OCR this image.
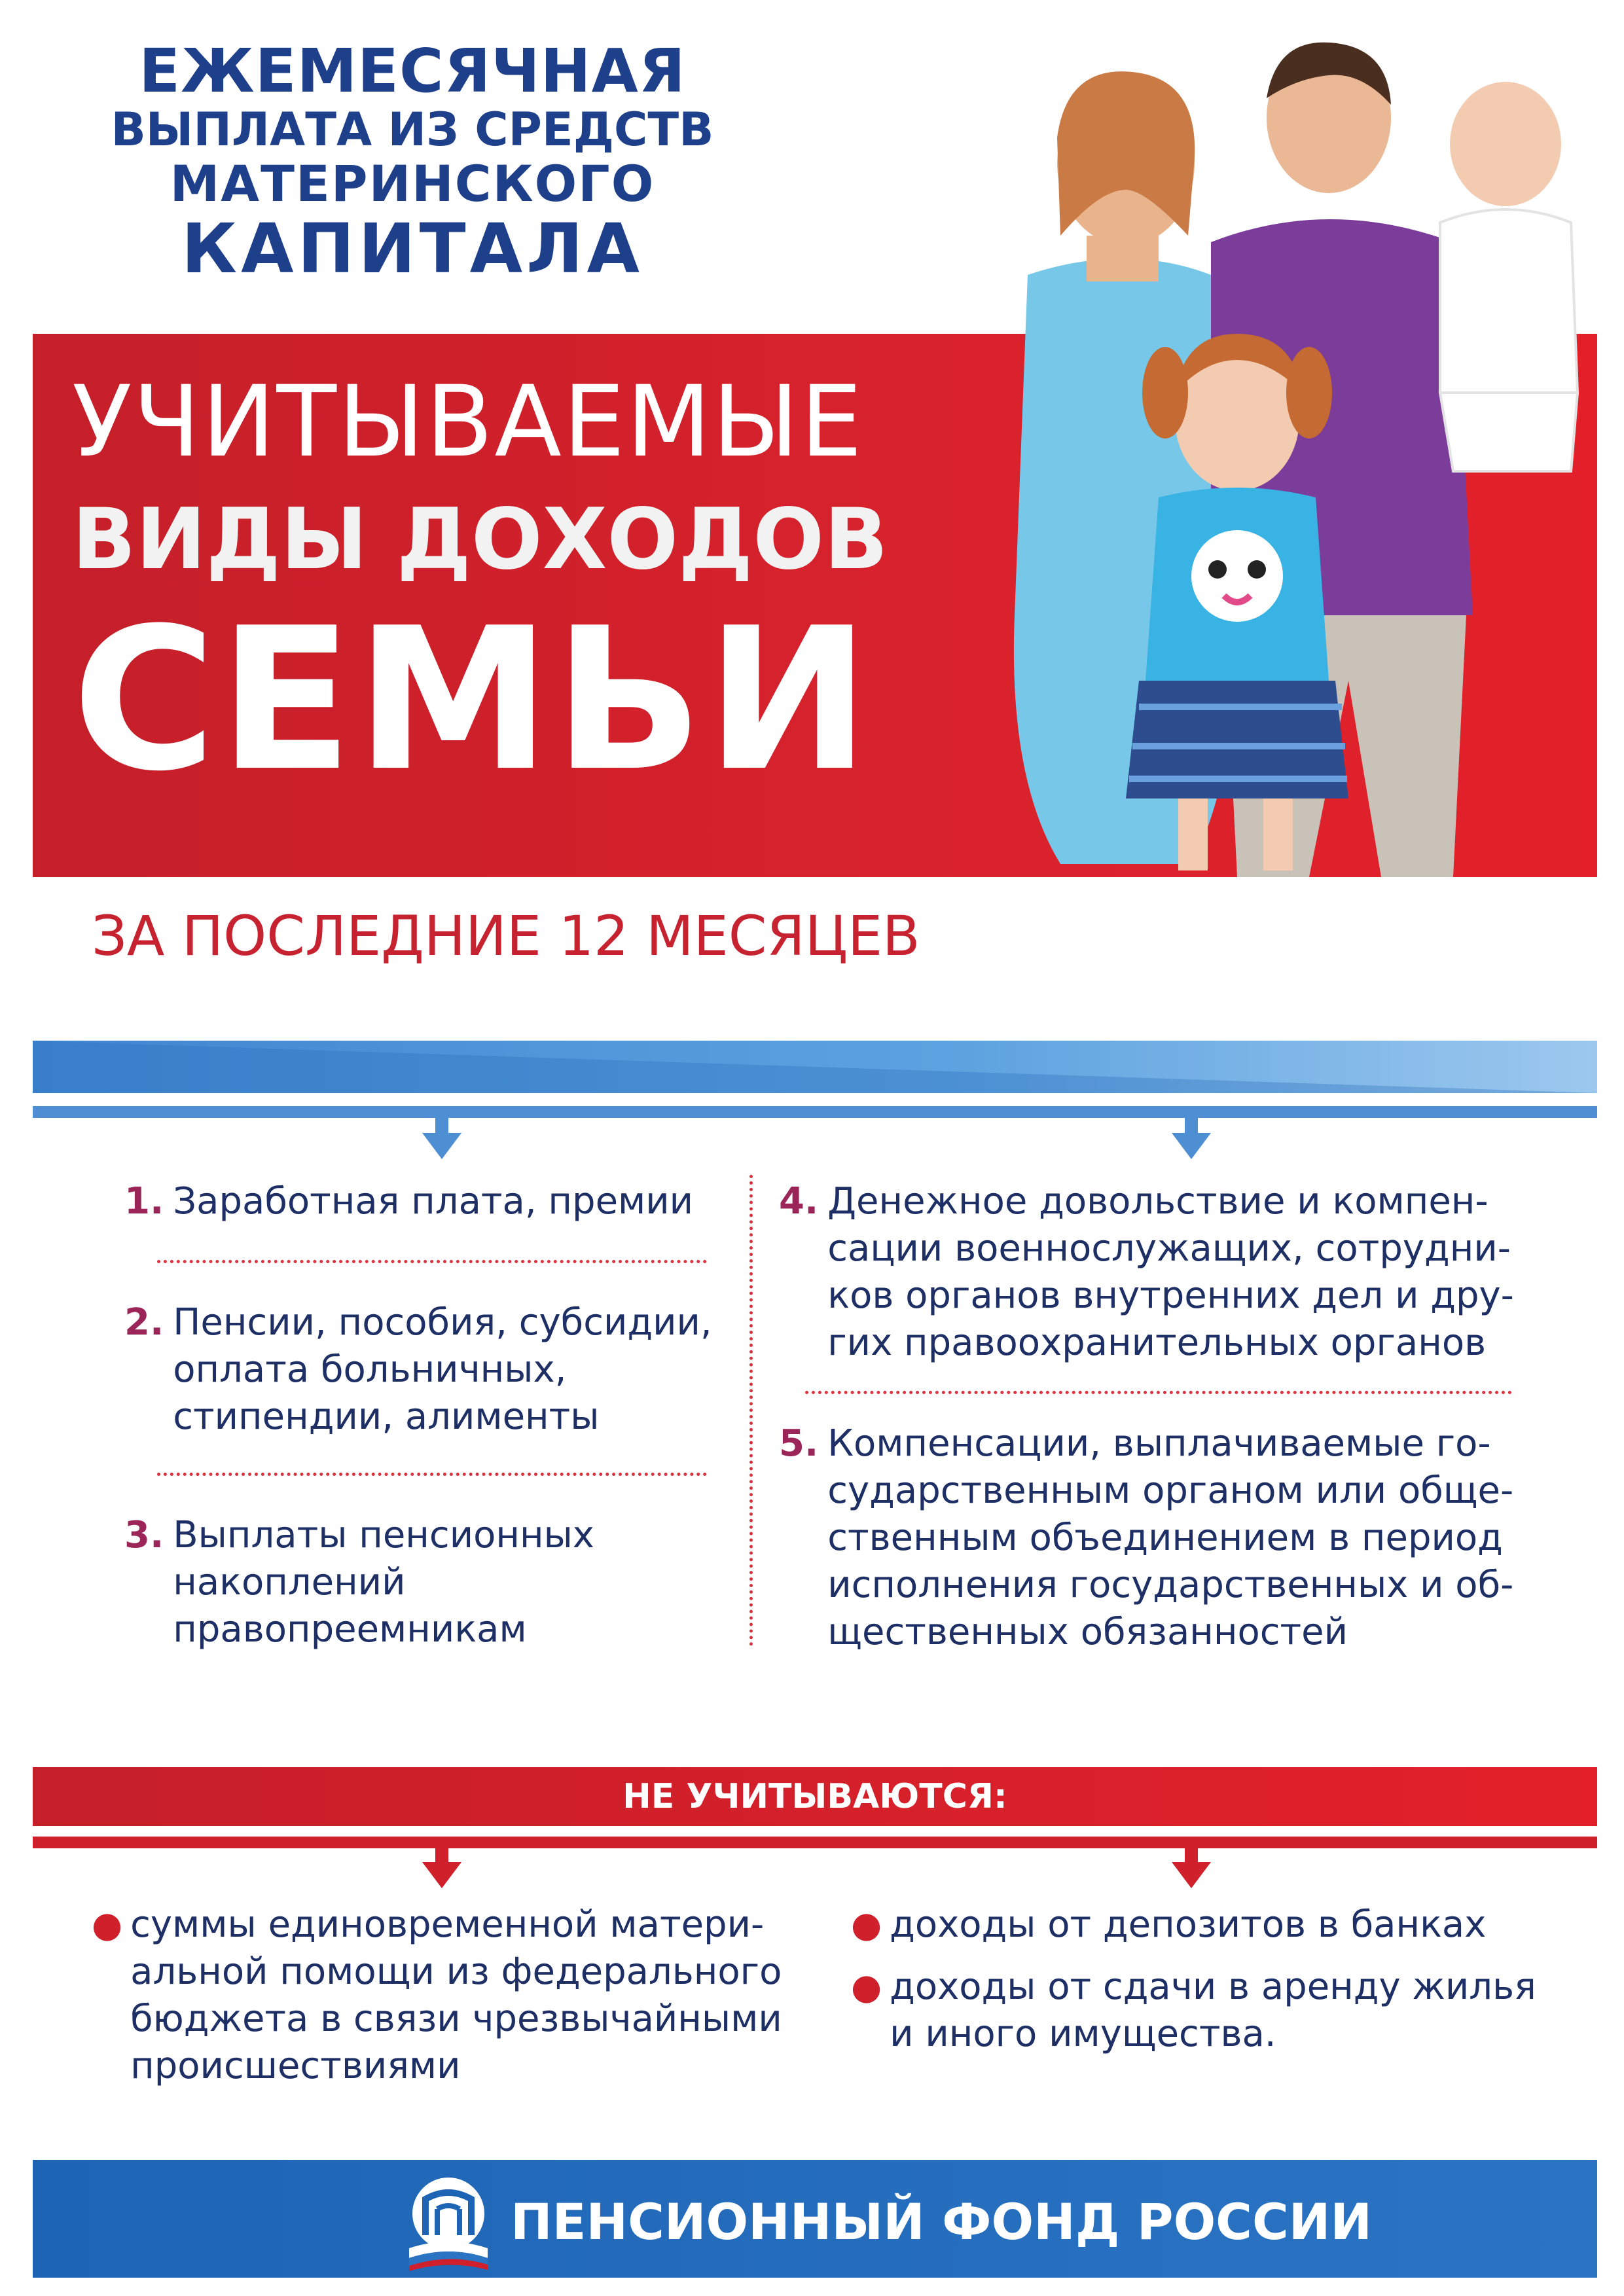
ЕЖЕМЕСЯЧНАЯ
ВЫПЛАТА ИЗ СРЕДСТВ
МАТЕРИНСКОГО
КАПИТАЛА
УЧИТЫВАЕМЫЕ
ВИДЫ ДОХОДОВ
СЕМЬИ
ЗА ПОСЛЕДНИЕ 12 МЕСЯЦЕВ
1. Заработная плата, премии
2. Пенсии, пособия, субсидии,
оплата больничных,
стипендии, алименты
3. Выплаты пенсионных
накоплений
правопреемникам
4. Денежное довольствие и компен-
сации военнослужащих, сотрудни-
ков органов внутренних дел и дру-
гих правоохранительных органов
5. Компенсации, выплачиваемые го-
сударственным органом или обще-
ственным объединением в период
исполнения государственных и об-
щественных обязанностей
НЕ УЧИТЫВАЮТСЯ:
● суммы единовременной матери-
альной помощи из федерального
бюджета в связи чрезвычайными
происшествиями
● доходы от депозитов в банках
● доходы от сдачи в аренду жилья
и иного имущества.
ПЕНСИОННЫЙ ФОНД РОССИИ
